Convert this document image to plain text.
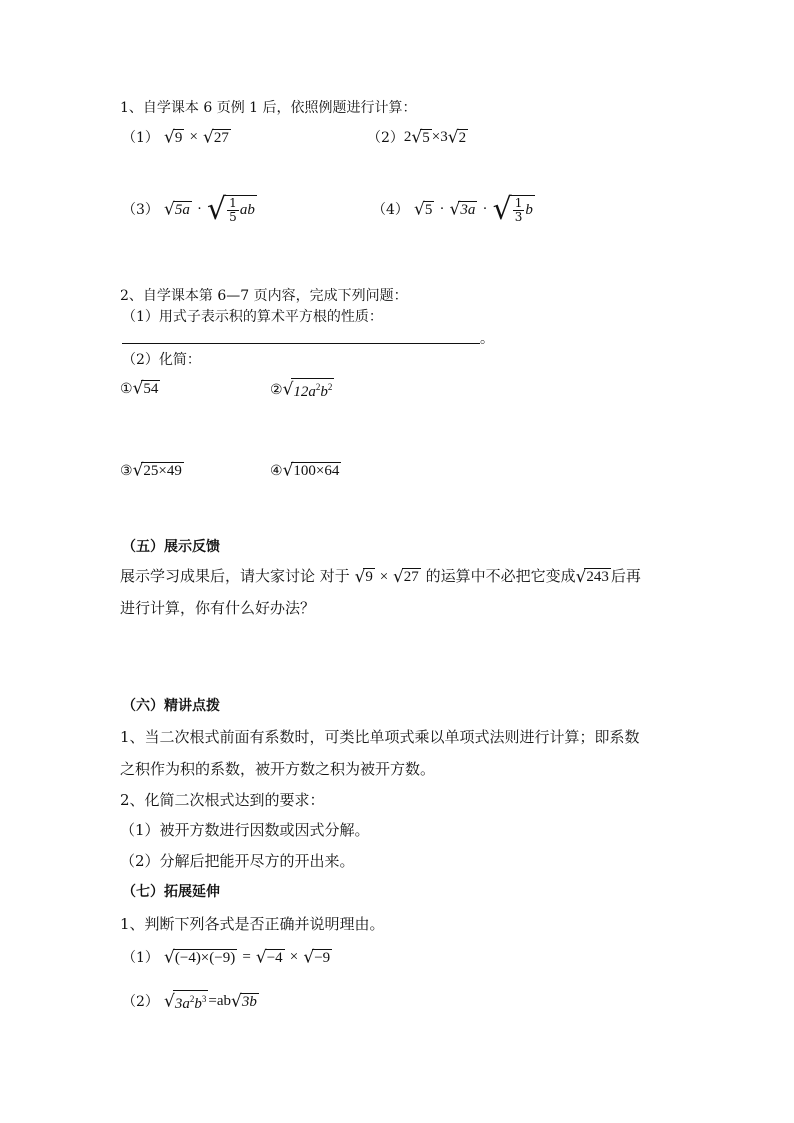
1、自学课本 6 页例 1 后，依照例题进行计算：
（1） √9 × √27	（2）2√5 ×3√2
（3） √5a · √ $\frac{1}{5}$ ab	（4） √5 · √3a · √ $\frac{1}{3}$ b
2、自学课本第 6—7 页内容，完成下列问题：
（1）用式子表示积的算术平方根的性质：
。
（2）化简：
①√54	$②√12a^2b^2$
③√25×49	④√100×64
（五）展示反馈
展示学习成果后，请大家讨论 对于 √9 × √27 的运算中不必把它变成√243 后再
进行计算，你有什么好办法？
（六）精讲点拨
1、当二次根式前面有系数时，可类比单项式乘以单项式法则进行计算；即系数
之积作为积的系数，被开方数之积为被开方数。
2、化简二次根式达到的要求：
（1）被开方数进行因数或因式分解。
（2）分解后把能开尽方的开出来。
（七）拓展延伸
1、判断下列各式是否正确并说明理由。
（1） √(−4)×(−9) = √−4 × √−9
（2） $√3a^2b^3 =ab√3b$
